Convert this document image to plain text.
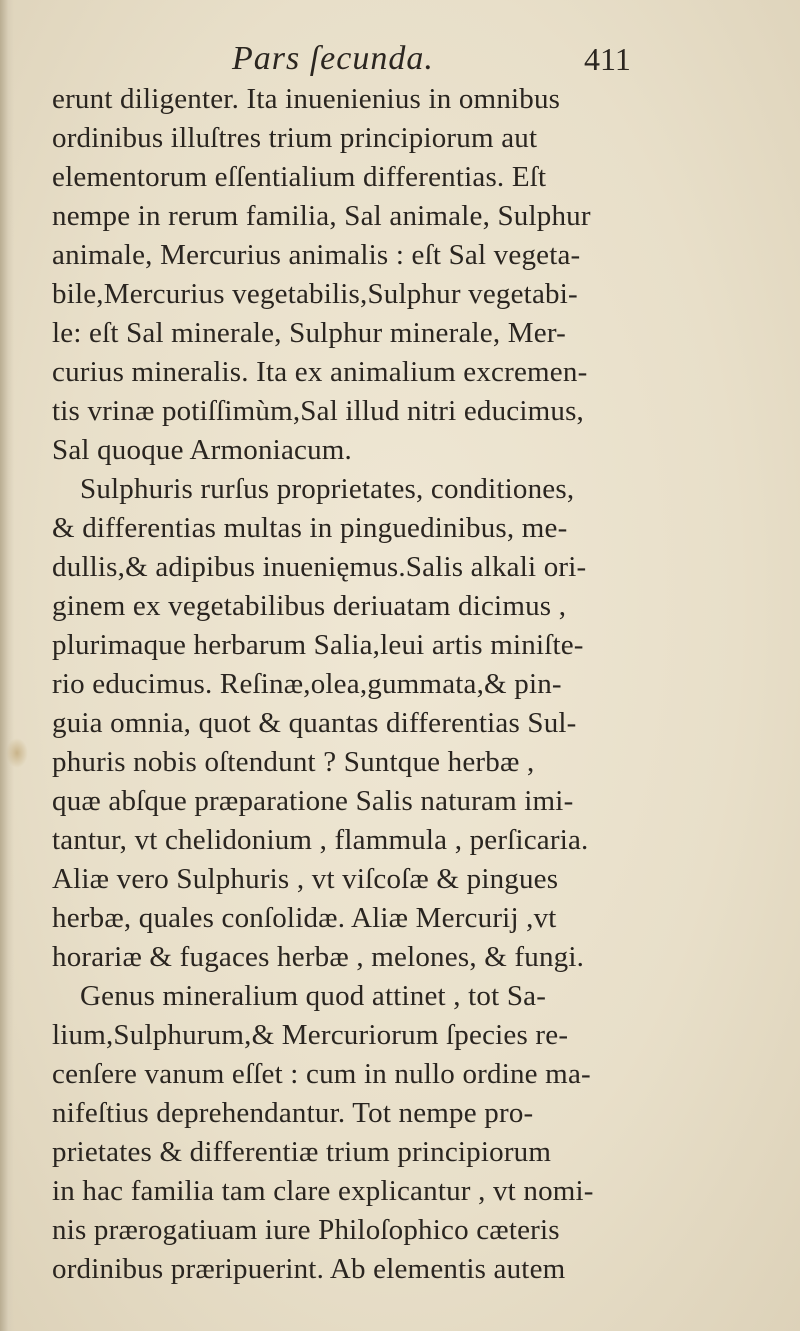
Pars ſecunda.	411
erunt diligenter. Ita inuenienius in omnibus
ordinibus illuſtres trium principiorum aut
elementorum eſſentialium differentias. Eſt
nempe in rerum familia, Sal animale, Sulphur
animale, Mercurius animalis : eſt Sal vegeta-
bile,Mercurius vegetabilis,Sulphur vegetabi-
le: eſt Sal minerale, Sulphur minerale, Mer-
curius mineralis. Ita ex animalium excremen-
tis vrinæ potiſſimùm,Sal illud nitri educimus,
Sal quoque Armoniacum.
Sulphuris rurſus proprietates, conditiones,
& differentias multas in pinguedinibus, me-
dullis,& adipibus inuenięmus.Salis alkali ori-
ginem ex vegetabilibus deriuatam dicimus ,
plurimaque herbarum Salia,leui artis miniſte-
rio educimus. Reſinæ,olea,gummata,& pin-
guia omnia, quot & quantas differentias Sul-
phuris nobis oſtendunt ? Suntque herbæ ,
quæ abſque præparatione Salis naturam imi-
tantur, vt chelidonium , flammula , perſicaria.
Aliæ vero Sulphuris , vt viſcoſæ & pingues
herbæ, quales conſolidæ. Aliæ Mercurij ,vt
horariæ & fugaces herbæ , melones, & fungi.
Genus mineralium quod attinet , tot Sa-
lium,Sulphurum,& Mercuriorum ſpecies re-
cenſere vanum eſſet : cum in nullo ordine ma-
nifeſtius deprehendantur. Tot nempe pro-
prietates & differentiæ trium principiorum
in hac familia tam clare explicantur , vt nomi-
nis prærogatiuam iure Philoſophico cæteris
ordinibus præripuerint. Ab elementis autem
